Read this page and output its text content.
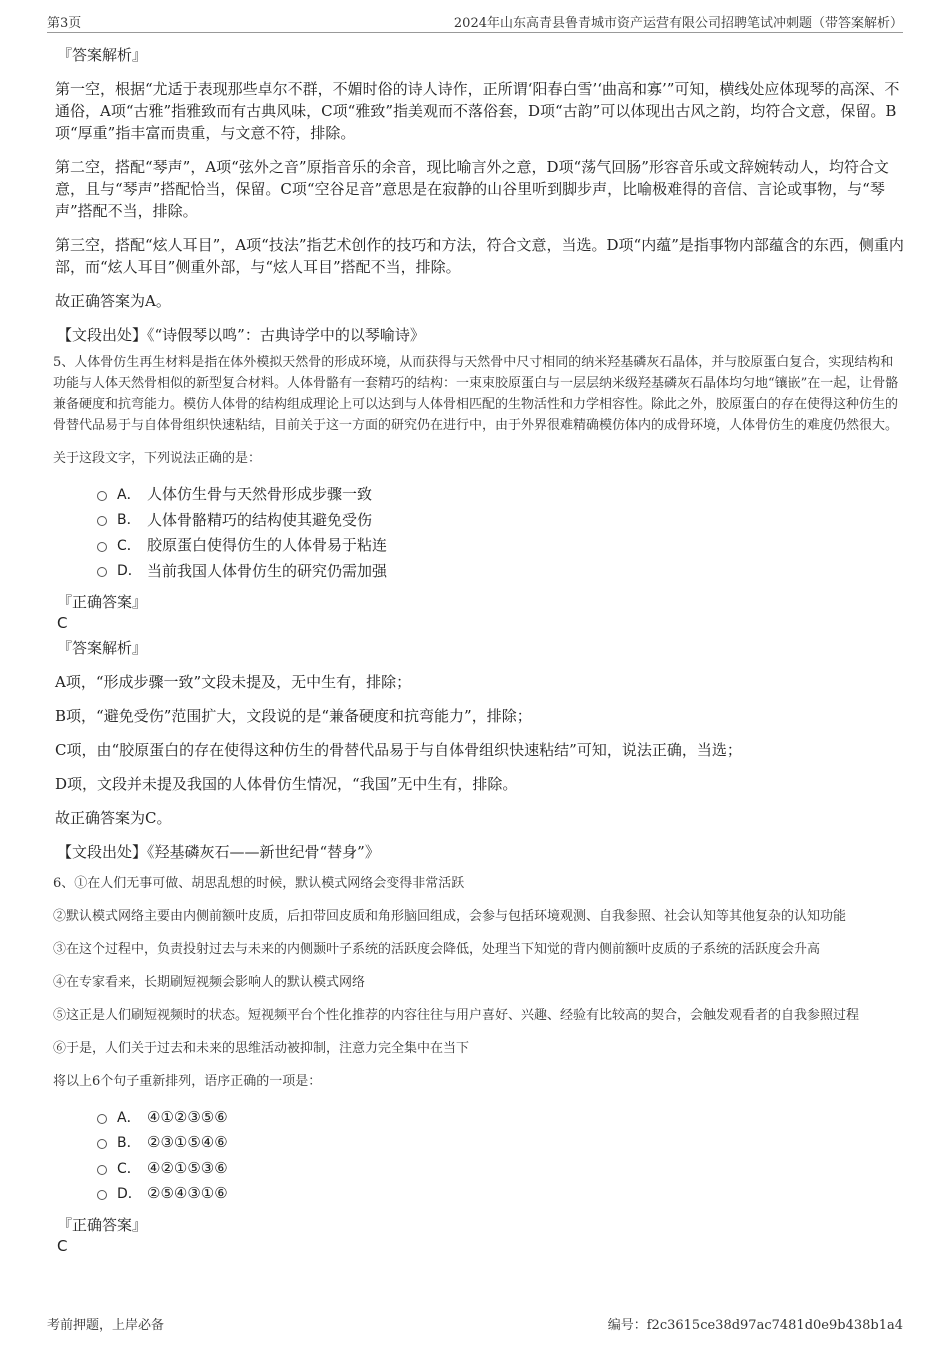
第3页	2024年山东高青县鲁青城市资产运营有限公司招聘笔试冲刺题（带答案解析）

『答案解析』

第一空，根据“尤适于表现那些卓尔不群，不媚时俗的诗人诗作，正所谓‘阳春白雪’‘曲高和寡’”可知，横线处应体现琴的高深、不通俗，A项“古雅”指雅致而有古典风味，C项“雅致”指美观而不落俗套，D项“古韵”可以体现出古风之韵，均符合文意，保留。B项“厚重”指丰富而贵重，与文意不符，排除。

第二空，搭配“琴声”，A项“弦外之音”原指音乐的余音，现比喻言外之意，D项“荡气回肠”形容音乐或文辞婉转动人，均符合文意，且与“琴声”搭配恰当，保留。C项“空谷足音”意思是在寂静的山谷里听到脚步声，比喻极难得的音信、言论或事物，与“琴声”搭配不当，排除。

第三空，搭配“炫人耳目”，A项“技法”指艺术创作的技巧和方法，符合文意，当选。D项“内蕴”是指事物内部蕴含的东西，侧重内部，而“炫人耳目”侧重外部，与“炫人耳目”搭配不当，排除。

故正确答案为A。

【文段出处】《“诗假琴以鸣”：古典诗学中的以琴喻诗》

5、人体骨仿生再生材料是指在体外模拟天然骨的形成环境，从而获得与天然骨中尺寸相同的纳米羟基磷灰石晶体，并与胶原蛋白复合，实现结构和功能与人体天然骨相似的新型复合材料。人体骨骼有一套精巧的结构：一束束胶原蛋白与一层层纳米级羟基磷灰石晶体均匀地“镶嵌”在一起，让骨骼兼备硬度和抗弯能力。模仿人体骨的结构组成理论上可以达到与人体骨相匹配的生物活性和力学相容性。除此之外，胶原蛋白的存在使得这种仿生的骨替代品易于与自体骨组织快速粘结，目前关于这一方面的研究仍在进行中，由于外界很难精确模仿体内的成骨环境，人体骨仿生的难度仍然很大。

关于这段文字，下列说法正确的是：

A． 人体仿生骨与天然骨形成步骤一致
B． 人体骨骼精巧的结构使其避免受伤
C． 胶原蛋白使得仿生的人体骨易于粘连
D． 当前我国人体骨仿生的研究仍需加强

『正确答案』

C

『答案解析』

A项，“形成步骤一致”文段未提及，无中生有，排除；

B项，“避免受伤”范围扩大，文段说的是“兼备硬度和抗弯能力”，排除；

C项，由“胶原蛋白的存在使得这种仿生的骨替代品易于与自体骨组织快速粘结”可知，说法正确，当选；

D项，文段并未提及我国的人体骨仿生情况，“我国”无中生有，排除。

故正确答案为C。

【文段出处】《羟基磷灰石——新世纪骨“替身”》

6、①在人们无事可做、胡思乱想的时候，默认模式网络会变得非常活跃

②默认模式网络主要由内侧前额叶皮质，后扣带回皮质和角形脑回组成，会参与包括环境观测、自我参照、社会认知等其他复杂的认知功能

③在这个过程中，负责投射过去与未来的内侧颞叶子系统的活跃度会降低，处理当下知觉的背内侧前额叶皮质的子系统的活跃度会升高

④在专家看来，长期刷短视频会影响人的默认模式网络

⑤这正是人们刷短视频时的状态。短视频平台个性化推荐的内容往往与用户喜好、兴趣、经验有比较高的契合，会触发观看者的自我参照过程

⑥于是，人们关于过去和未来的思维活动被抑制，注意力完全集中在当下

将以上6个句子重新排列，语序正确的一项是：

A． ④①②③⑤⑥
B． ②③①⑤④⑥
C． ④②①⑤③⑥
D． ②⑤④③①⑥

『正确答案』

C
考前押题，上岸必备	编号：f2c3615ce38d97ac7481d0e9b438b1a4
